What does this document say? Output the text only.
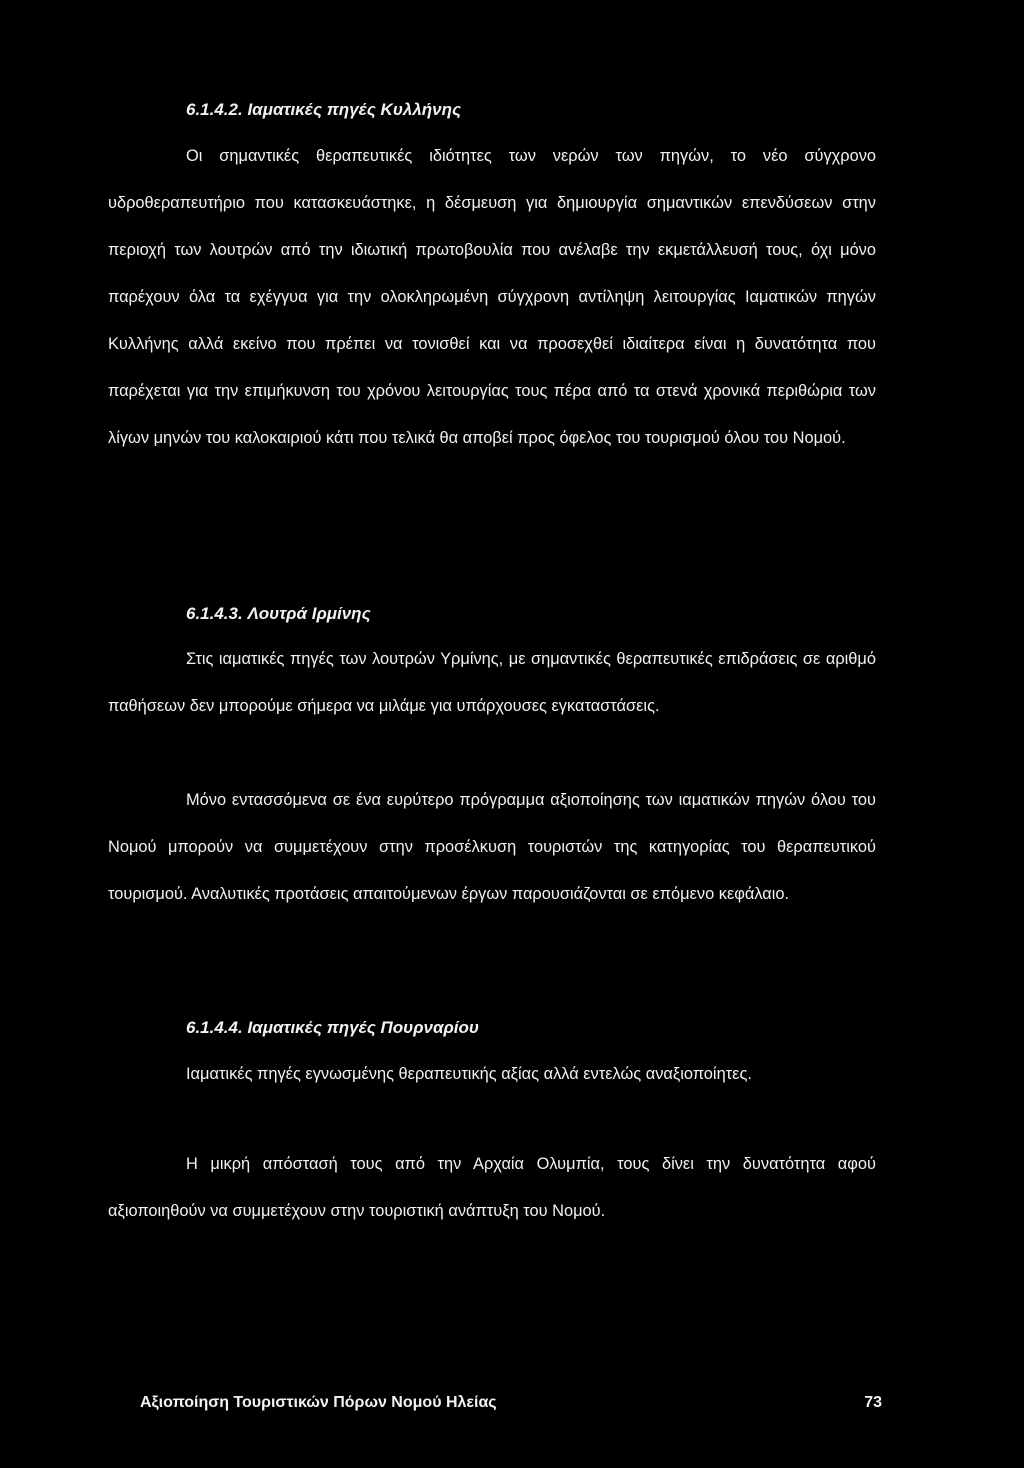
6.1.4.2. Ιαματικές πηγές Κυλλήνης

Οι σημαντικές θεραπευτικές ιδιότητες των νερών των πηγών, το νέο σύγχρονο υδροθεραπευτήριο που κατασκευάστηκε, η δέσμευση για δημιουργία σημαντικών επενδύσεων στην περιοχή των λουτρών από την ιδιωτική πρωτοβουλία που ανέλαβε την εκμετάλλευσή τους, όχι μόνο παρέχουν όλα τα εχέγγυα για την ολοκληρωμένη σύγχρονη αντίληψη λειτουργίας Ιαματικών πηγών Κυλλήνης αλλά εκείνο που πρέπει να τονισθεί και να προσεχθεί ιδιαίτερα είναι η δυνατότητα που παρέχεται για την επιμήκυνση του χρόνου λειτουργίας τους πέρα από τα στενά χρονικά περιθώρια των λίγων μηνών του καλοκαιριού κάτι που τελικά θα αποβεί προς όφελος του τουρισμού όλου του Νομού.

6.1.4.3. Λουτρά Ιρμίνης

Στις ιαματικές πηγές των λουτρών Υρμίνης, με σημαντικές θεραπευτικές επιδράσεις σε αριθμό παθήσεων δεν μπορούμε σήμερα να μιλάμε για υπάρχουσες εγκαταστάσεις.

Μόνο εντασσόμενα σε ένα ευρύτερο πρόγραμμα αξιοποίησης των ιαματικών πηγών όλου του Νομού μπορούν να συμμετέχουν στην προσέλκυση τουριστών της κατηγορίας του θεραπευτικού τουρισμού. Αναλυτικές προτάσεις απαιτούμενων έργων παρουσιάζονται σε επόμενο κεφάλαιο.

6.1.4.4. Ιαματικές πηγές Πουρναρίου

Ιαματικές πηγές εγνωσμένης θεραπευτικής αξίας αλλά εντελώς αναξιοποίητες.

Η μικρή απόστασή τους από την Αρχαία Ολυμπία, τους δίνει την δυνατότητα αφού αξιοποιηθούν να συμμετέχουν στην τουριστική ανάπτυξη του Νομού.

Αξιοποίηση Τουριστικών Πόρων Νομού Ηλείας	73
